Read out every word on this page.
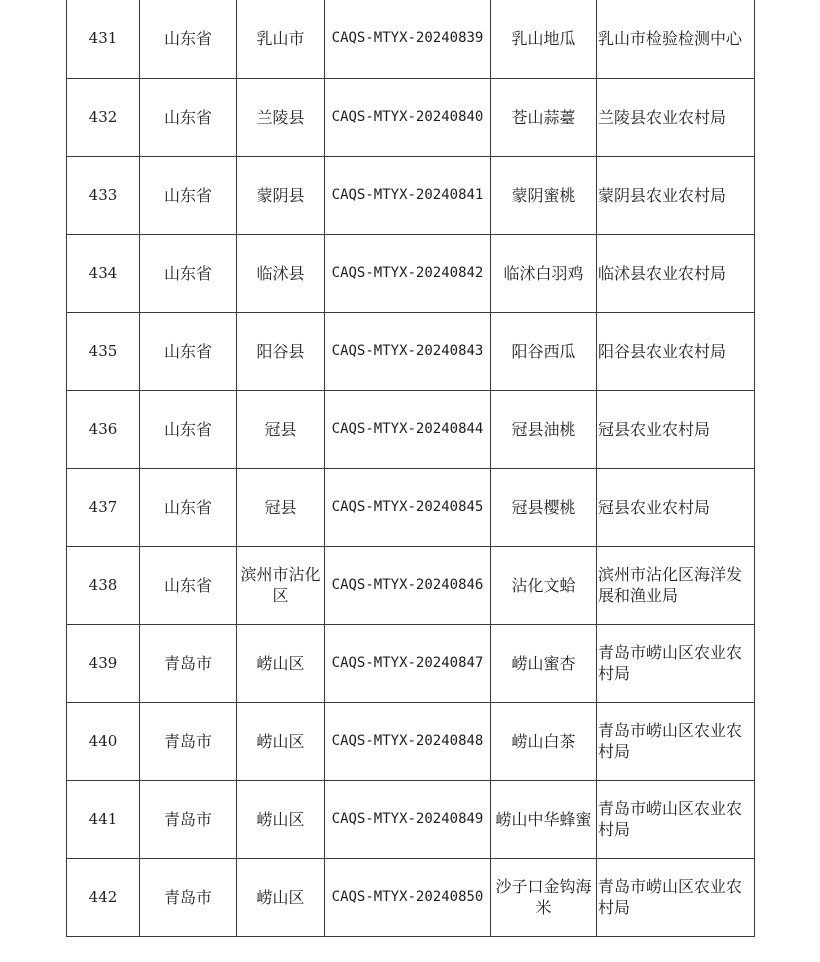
431	山东省	乳山市	CAQS-MTYX-20240839	乳山地瓜	乳山市检验检测中心
432	山东省	兰陵县	CAQS-MTYX-20240840	苍山蒜薹	兰陵县农业农村局
433	山东省	蒙阴县	CAQS-MTYX-20240841	蒙阴蜜桃	蒙阴县农业农村局
434	山东省	临沭县	CAQS-MTYX-20240842	临沭白羽鸡	临沭县农业农村局
435	山东省	阳谷县	CAQS-MTYX-20240843	阳谷西瓜	阳谷县农业农村局
436	山东省	冠县	CAQS-MTYX-20240844	冠县油桃	冠县农业农村局
437	山东省	冠县	CAQS-MTYX-20240845	冠县樱桃	冠县农业农村局
438	山东省	滨州市沾化区	CAQS-MTYX-20240846	沾化文蛤	滨州市沾化区海洋发展和渔业局
439	青岛市	崂山区	CAQS-MTYX-20240847	崂山蜜杏	青岛市崂山区农业农村局
440	青岛市	崂山区	CAQS-MTYX-20240848	崂山白茶	青岛市崂山区农业农村局
441	青岛市	崂山区	CAQS-MTYX-20240849	崂山中华蜂蜜	青岛市崂山区农业农村局
442	青岛市	崂山区	CAQS-MTYX-20240850	沙子口金钩海米	青岛市崂山区农业农村局
